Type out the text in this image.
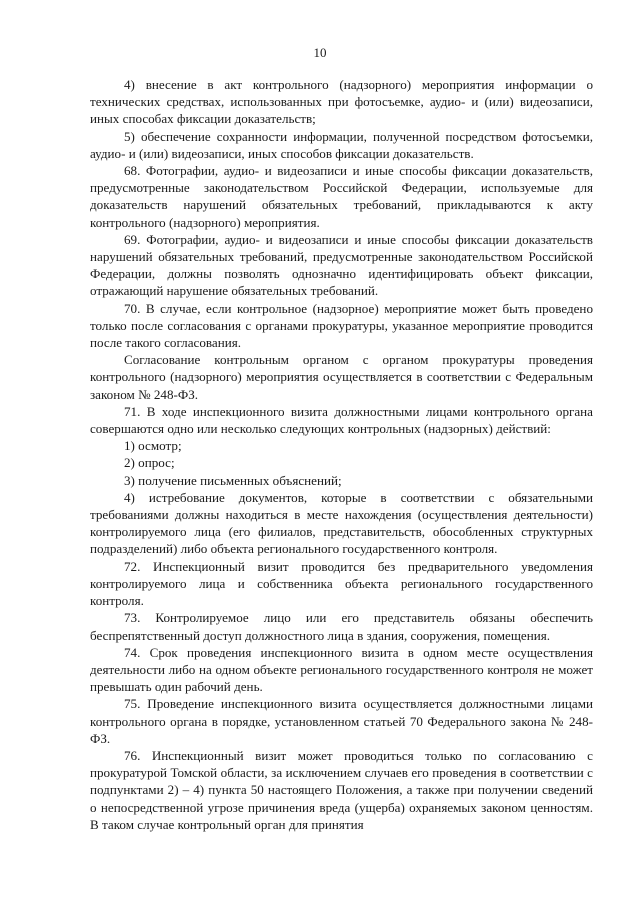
10

4) внесение в акт контрольного (надзорного) мероприятия информации о технических средствах, использованных при фотосъемке, аудио- и (или) видеозаписи, иных способах фиксации доказательств;

5) обеспечение сохранности информации, полученной посредством фотосъемки, аудио- и (или) видеозаписи, иных способов фиксации доказательств.

68. Фотографии, аудио- и видеозаписи и иные способы фиксации доказательств, предусмотренные законодательством Российской Федерации, используемые для доказательств нарушений обязательных требований, прикладываются к акту контрольного (надзорного) мероприятия.

69. Фотографии, аудио- и видеозаписи и иные способы фиксации доказательств нарушений обязательных требований, предусмотренные законодательством Российской Федерации, должны позволять однозначно идентифицировать объект фиксации, отражающий нарушение обязательных требований.

70. В случае, если контрольное (надзорное) мероприятие может быть проведено только после согласования с органами прокуратуры, указанное мероприятие проводится после такого согласования.

Согласование контрольным органом с органом прокуратуры проведения контрольного (надзорного) мероприятия осуществляется в соответствии с Федеральным законом № 248-ФЗ.

71. В ходе инспекционного визита должностными лицами контрольного органа совершаются одно или несколько следующих контрольных (надзорных) действий:

1) осмотр;

2) опрос;

3) получение письменных объяснений;

4) истребование документов, которые в соответствии с обязательными требованиями должны находиться в месте нахождения (осуществления деятельности) контролируемого лица (его филиалов, представительств, обособленных структурных подразделений) либо объекта регионального государственного контроля.

72. Инспекционный визит проводится без предварительного уведомления контролируемого лица и собственника объекта регионального государственного контроля.

73. Контролируемое лицо или его представитель обязаны обеспечить беспрепятственный доступ должностного лица в здания, сооружения, помещения.

74. Срок проведения инспекционного визита в одном месте осуществления деятельности либо на одном объекте регионального государственного контроля не может превышать один рабочий день.

75. Проведение инспекционного визита осуществляется должностными лицами контрольного органа в порядке, установленном статьей 70 Федерального закона № 248-ФЗ.

76. Инспекционный визит может проводиться только по согласованию с прокуратурой Томской области, за исключением случаев его проведения в соответствии с подпунктами 2) – 4) пункта 50 настоящего Положения, а также при получении сведений о непосредственной угрозе причинения вреда (ущерба) охраняемых законом ценностям. В таком случае контрольный орган для принятия
